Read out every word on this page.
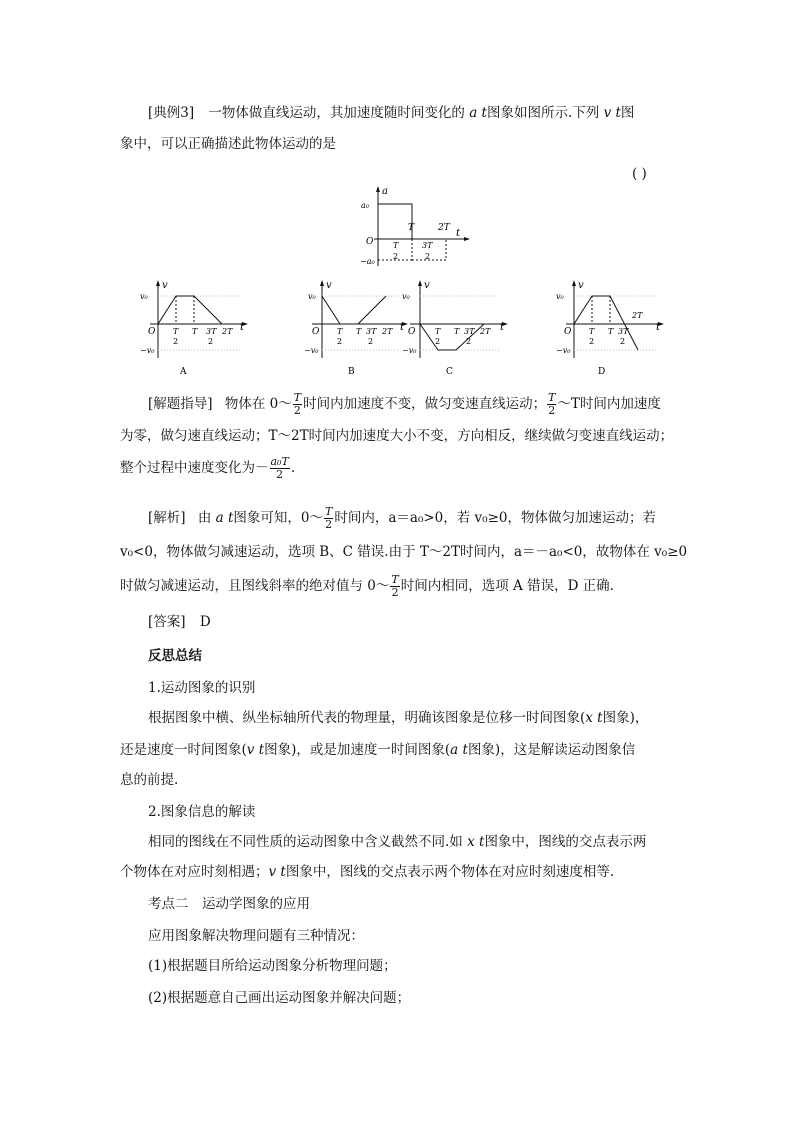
[典例3] 一物体做直线运动，其加速度随时间变化的 a t图象如图所示.下列 v t图
象中，可以正确描述此物体运动的是
( )
a
t
O
a₀
−a₀
T
2
T	2T
3T
2
v
t
v₀
−v₀
O T
2
T 3T
2
2T
A
v
t
v₀
−v₀
O T
2
T 3T
2
2T
B
v
t
v₀
−v₀
O T
2
T 3T
2
2T
C
v
t
v₀
−v₀
O T
2
T 3T
2
2T
D
[解题指导] 物体在 0～ $\frac{T}{2}$ 时间内加速度不变，做匀变速直线运动； $\frac{T}{2}$ ～T时间内加速度
为零，做匀速直线运动；T～2T时间内加速度大小不变，方向相反，继续做匀变速直线运动；
整个过程中速度变化为－ $\frac{\text{a₀T}}{2}$ .
[解析] 由 a t图象可知，0～ $\frac{T}{2}$ 时间内，a＝a₀>0，若 v₀≥0，物体做匀加速运动；若
v₀<0，物体做匀减速运动，选项 B、C 错误.由于 T～2T时间内，a＝－a₀<0，故物体在 v₀≥0
时做匀减速运动，且图线斜率的绝对值与 0～ $\frac{T}{2}$ 时间内相同，选项 A 错误，D 正确.
[答案] D
反思总结
1.运动图象的识别
根据图象中横、纵坐标轴所代表的物理量，明确该图象是位移一时间图象(x t图象)，
还是速度一时间图象(v t图象)，或是加速度一时间图象(a t图象)，这是解读运动图象信
息的前提.
2.图象信息的解读
相同的图线在不同性质的运动图象中含义截然不同.如 x t图象中，图线的交点表示两
个物体在对应时刻相遇；v t图象中，图线的交点表示两个物体在对应时刻速度相等.
考点二　运动学图象的应用
应用图象解决物理问题有三种情况：
(1)根据题目所给运动图象分析物理问题；
(2)根据题意自己画出运动图象并解决问题；
